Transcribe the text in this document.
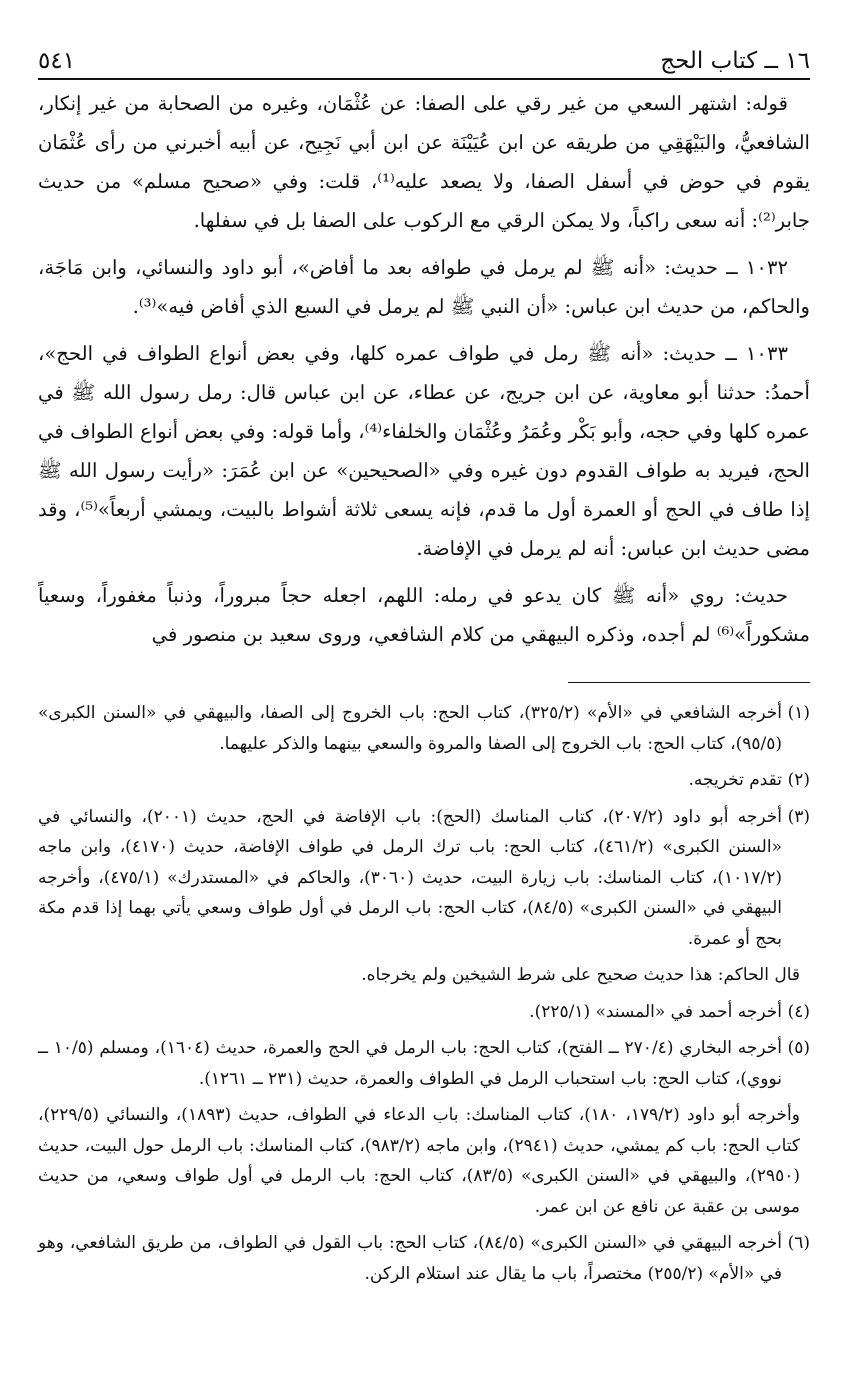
١٦ ــ كتاب الحج
٥٤١

قوله: اشتهر السعي من غير رقي على الصفا: عن عُثْمَان، وغيره من الصحابة من غير إنكار، الشافعيُّ، والبَيْهَقِي من طريقه عن ابن عُيَيْنَة عن ابن أبي نَجِيح، عن أبيه أخبرني من رأى عُثْمَان يقوم في حوض في أسفل الصفا، ولا يصعد عليه⁽¹⁾، قلت: وفي «صحيح مسلم» من حديث جابر⁽²⁾: أنه سعى راكباً، ولا يمكن الرقي مع الركوب على الصفا بل في سفلها.

١٠٣٢ ــ حديث: «أنه ﷺ لم يرمل في طوافه بعد ما أفاض»، أبو داود والنسائي، وابن مَاجَة، والحاكم، من حديث ابن عباس: «أن النبي ﷺ لم يرمل في السبع الذي أفاض فيه»⁽³⁾.

١٠٣٣ ــ حديث: «أنه ﷺ رمل في طواف عمره كلها، وفي بعض أنواع الطواف في الحج»، أحمدُ: حدثنا أبو معاوية، عن ابن جريج، عن عطاء، عن ابن عباس قال: رمل رسول الله ﷺ في عمره كلها وفي حجه، وأبو بَكْر وعُمَرُ وعُثْمَان والخلفاء⁽⁴⁾، وأما قوله: وفي بعض أنواع الطواف في الحج، فيريد به طواف القدوم دون غيره وفي «الصحيحين» عن ابن عُمَرَ: «رأيت رسول الله ﷺ إذا طاف في الحج أو العمرة أول ما قدم، فإنه يسعى ثلاثة أشواط بالبيت، ويمشي أربعاً»⁽⁵⁾، وقد مضى حديث ابن عباس: أنه لم يرمل في الإفاضة.

حديث: روي «أنه ﷺ كان يدعو في رمله: اللهم، اجعله حجاً مبروراً، وذنباً مغفوراً، وسعياً مشكوراً»⁽⁶⁾ لم أجده، وذكره البيهقي من كلام الشافعي، وروى سعيد بن منصور في

(١)
أخرجه الشافعي في «الأم» (٣٢٥/٢)، كتاب الحج: باب الخروج إلى الصفا، والبيهقي في «السنن الكبرى» (٩٥/٥)، كتاب الحج: باب الخروج إلى الصفا والمروة والسعي بينهما والذكر عليهما.
(٢)
تقدم تخريجه.
(٣)
أخرجه أبو داود (٢٠٧/٢)، كتاب المناسك (الحج): باب الإفاضة في الحج، حديث (٢٠٠١)، والنسائي في «السنن الكبرى» (٤٦١/٢)، كتاب الحج: باب ترك الرمل في طواف الإفاضة، حديث (٤١٧٠)، وابن ماجه (١٠١٧/٢)، كتاب المناسك: باب زيارة البيت، حديث (٣٠٦٠)، والحاكم في «المستدرك» (٤٧٥/١)، وأخرجه البيهقي في «السنن الكبرى» (٨٤/٥)، كتاب الحج: باب الرمل في أول طواف وسعي يأتي بهما إذا قدم مكة بحج أو عمرة.
قال الحاكم: هذا حديث صحيح على شرط الشيخين ولم يخرجاه.
(٤)
أخرجه أحمد في «المسند» (٢٢٥/١).
(٥)
أخرجه البخاري (٢٧٠/٤ ــ الفتح)، كتاب الحج: باب الرمل في الحج والعمرة، حديث (١٦٠٤)، ومسلم (١٠/٥ ــ نووي)، كتاب الحج: باب استحباب الرمل في الطواف والعمرة، حديث (٢٣١ ــ ١٢٦١).
وأخرجه أبو داود (١٧٩/٢، ١٨٠)، كتاب المناسك: باب الدعاء في الطواف، حديث (١٨٩٣)، والنسائي (٢٢٩/٥)، كتاب الحج: باب كم يمشي، حديث (٢٩٤١)، وابن ماجه (٩٨٣/٢)، كتاب المناسك: باب الرمل حول البيت، حديث (٢٩٥٠)، والبيهقي في «السنن الكبرى» (٨٣/٥)، كتاب الحج: باب الرمل في أول طواف وسعي، من حديث موسى بن عقبة عن نافع عن ابن عمر.
(٦)
أخرجه البيهقي في «السنن الكبرى» (٨٤/٥)، كتاب الحج: باب القول في الطواف، من طريق الشافعي، وهو في «الأم» (٢٥٥/٢) مختصراً، باب ما يقال عند استلام الركن.
